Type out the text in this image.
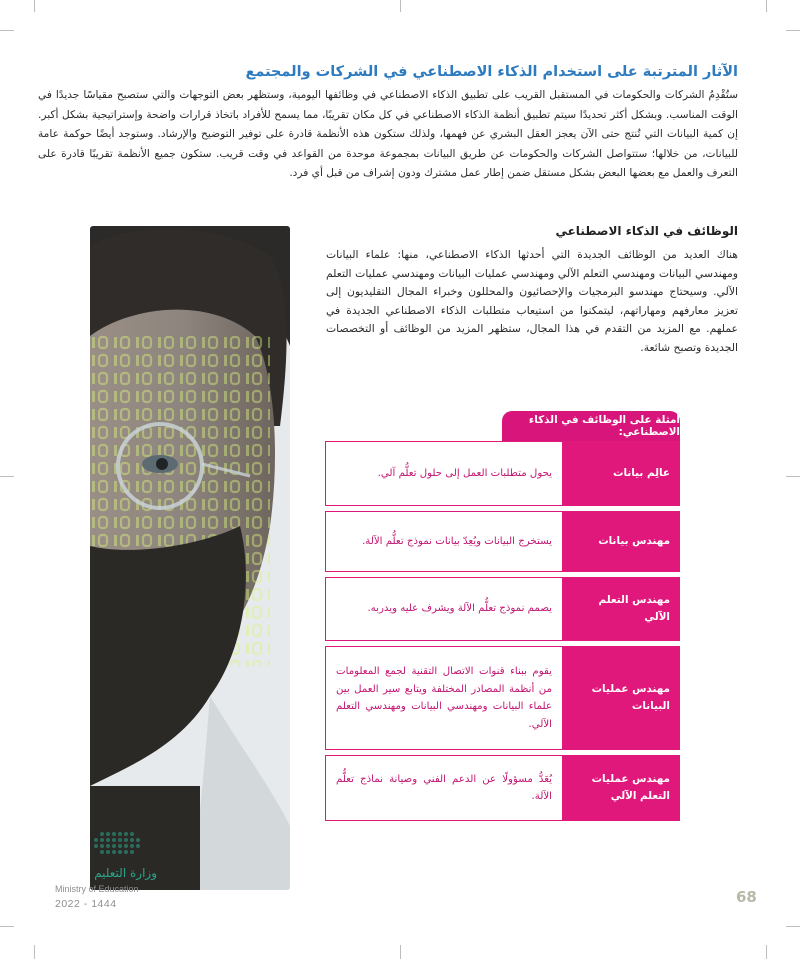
الآثار المترتبة على استخدام الذكاء الاصطناعي في الشركات والمجتمع
ستُقْدِمُ الشركات والحكومات في المستقبل القريب على تطبيق الذكاء الاصطناعي في وظائفها اليومية، وستظهر بعض التوجهات والتي ستصبح مقياسًا جديدًا في الوقت المناسب. وبشكل أكثر تحديدًا سيتم تطبيق أنظمة الذكاء الاصطناعي في كل مكان تقريبًا، مما يسمح للأفراد باتخاذ قرارات واضحة وإستراتيجية بشكل أكبر. إن كمية البيانات التي تُنتج حتى الآن يعجز العقل البشري عن فهمها، ولذلك ستكون هذه الأنظمة قادرة على توفير التوضيح والإرشاد. وستوجد أيضًا حوكمة عامة للبيانات، من خلالها؛ ستتواصل الشركات والحكومات عن طريق البيانات بمجموعة موحدة من القواعد في وقت قريب. ستكون جميع الأنظمة تقريبًا قادرة على التعرف والعمل مع بعضها البعض بشكل مستقل ضمن إطار عمل مشترك ودون إشراف من قبل أي فرد.
الوظائف في الذكاء الاصطناعي
هناك العديد من الوظائف الجديدة التي أحدثها الذكاء الاصطناعي، منها: علماء البيانات ومهندسي البيانات ومهندسي التعلم الآلي ومهندسي عمليات البيانات ومهندسي عمليات التعلم الآلي. وسيحتاج مهندسو البرمجيات والإحصائيون والمحللون وخبراء المجال التقليديون إلى تعزيز معارفهم ومهاراتهم، ليتمكنوا من استيعاب متطلبات الذكاء الاصطناعي الجديدة في عملهم. مع المزيد من التقدم في هذا المجال، ستظهر المزيد من الوظائف أو التخصصات الجديدة وتصبح شائعة.
أمثلة على الوظائف في الذكاء الاصطناعي:
عالِم بيانات
يحول متطلبات العمل إلى حلول تعلُّم آلي.
مهندس بيانات
يستخرج البيانات ويُعِدّ بيانات نموذج تعلُّم الآلة.
مهندس التعلم الآلي
يصمم نموذج تعلُّم الآلة ويشرف عليه ويدربه.
مهندس عمليات البيانات
يقوم ببناء قنوات الاتصال التقنية لجمع المعلومات من أنظمة المصادر المختلفة ويتابع سير العمل بين علماء البيانات ومهندسي البيانات ومهندسي التعلم الآلي.
مهندس عمليات التعلم الآلي
يُعَدُّ مسؤولًا عن الدعم الفني وصيانة نماذج تعلُّم الآلة.
وزارة التعليم
Ministry of Education
2022 - 1444	68
